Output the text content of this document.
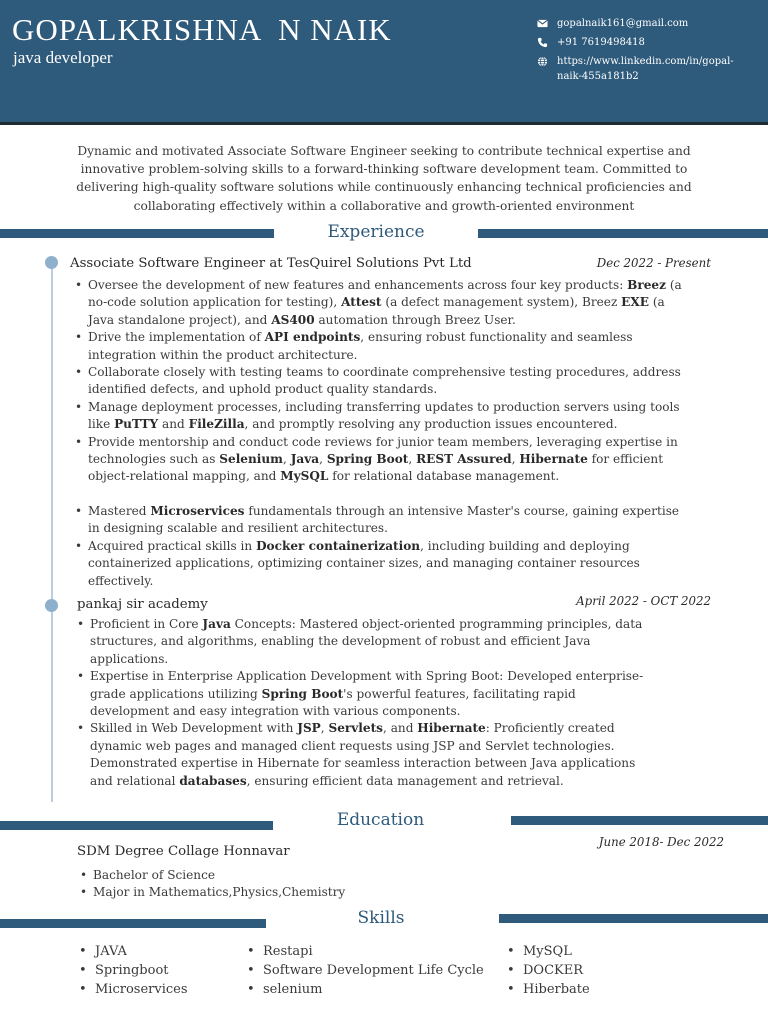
GOPALKRISHNA  N NAIK
java developer
gopalnaik161@gmail.com
+91 7619498418
https://www.linkedin.com/in/gopal-
naik-455a181b2

Dynamic and motivated Associate Software Engineer seeking to contribute technical expertise and innovative problem-solving skills to a forward-thinking software development team. Committed to delivering high-quality software solutions while continuously enhancing technical proficiencies and collaborating effectively within a collaborative and growth-oriented environment

Experience
Associate Software Engineer at TesQuirel Solutions Pvt Ltd	Dec 2022 - Present
• Oversee the development of new features and enhancements across four key products: Breez (a no-code solution application for testing), Attest (a defect management system), Breez EXE (a Java standalone project), and AS400 automation through Breez User.
• Drive the implementation of API endpoints, ensuring robust functionality and seamless integration within the product architecture.
• Collaborate closely with testing teams to coordinate comprehensive testing procedures, address identified defects, and uphold product quality standards.
• Manage deployment processes, including transferring updates to production servers using tools like PuTTY and FileZilla, and promptly resolving any production issues encountered.
• Provide mentorship and conduct code reviews for junior team members, leveraging expertise in technologies such as Selenium, Java, Spring Boot, REST Assured, Hibernate for efficient object-relational mapping, and MySQL for relational database management.
• Mastered Microservices fundamentals through an intensive Master's course, gaining expertise in designing scalable and resilient architectures.
• Acquired practical skills in Docker containerization, including building and deploying containerized applications, optimizing container sizes, and managing container resources effectively.
pankaj sir academy	April 2022 - OCT 2022
• Proficient in Core Java Concepts: Mastered object-oriented programming principles, data structures, and algorithms, enabling the development of robust and efficient Java applications.
• Expertise in Enterprise Application Development with Spring Boot: Developed enterprise-grade applications utilizing Spring Boot's powerful features, facilitating rapid development and easy integration with various components.
• Skilled in Web Development with JSP, Servlets, and Hibernate: Proficiently created dynamic web pages and managed client requests using JSP and Servlet technologies. Demonstrated expertise in Hibernate for seamless interaction between Java applications and relational databases, ensuring efficient data management and retrieval.
Education
SDM Degree Collage Honnavar
June 2018- Dec 2022
• Bachelor of Science
• Major in Mathematics,Physics,Chemistry
Skills
• JAVA
• Springboot
• Microservices
• Restapi
• Software Development Life Cycle
• selenium
• MySQL
• DOCKER
• Hiberbate
